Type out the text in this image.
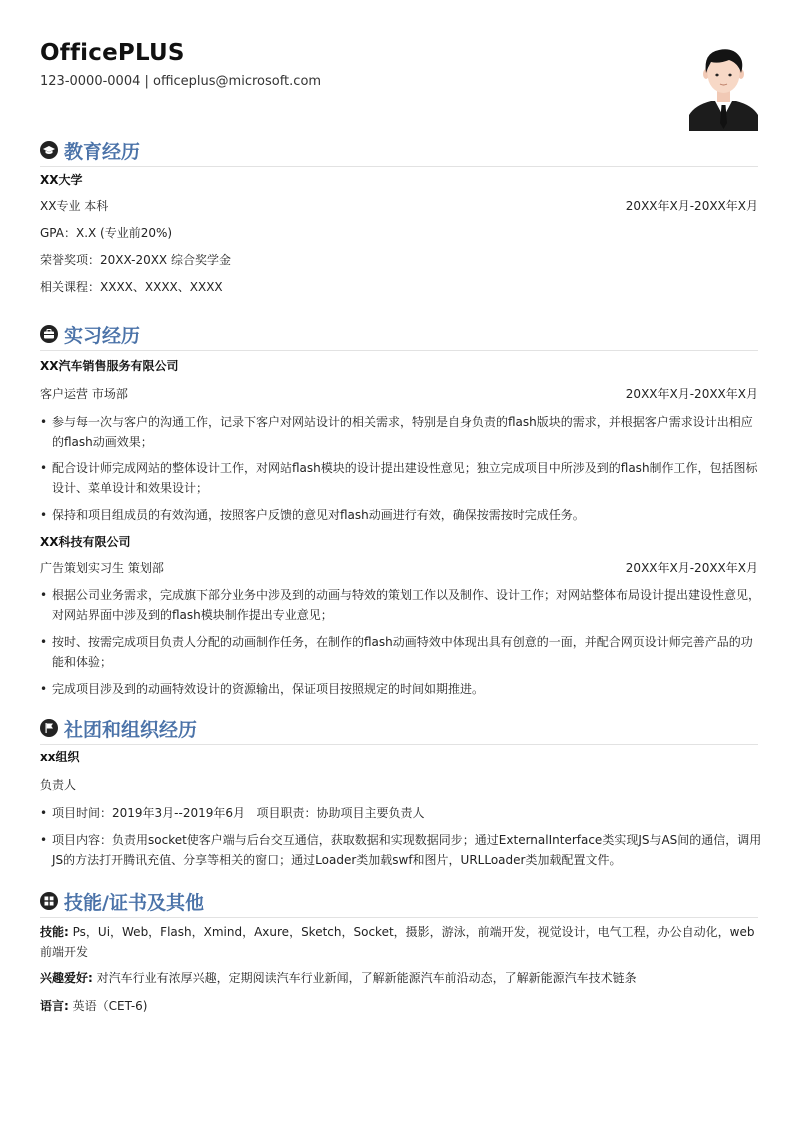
OfficePLUS
123-0000-0004 | officeplus@microsoft.com
教育经历
XX大学
XX专业 本科	20XX年X月-20XX年X月
GPA：X.X (专业前20%)
荣誉奖项：20XX-20XX 综合奖学金
相关课程：XXXX、XXXX、XXXX
实习经历
XX汽车销售服务有限公司
客户运营 市场部	20XX年X月-20XX年X月
• 参与每一次与客户的沟通工作，记录下客户对网站设计的相关需求，特别是自身负责的flash版块的需求，并根据客户需求设计出相应的flash动画效果；
• 配合设计师完成网站的整体设计工作，对网站flash模块的设计提出建设性意见；独立完成项目中所涉及到的flash制作工作，包括图标设计、菜单设计和效果设计；
• 保持和项目组成员的有效沟通，按照客户反馈的意见对flash动画进行有效，确保按需按时完成任务。
XX科技有限公司
广告策划实习生 策划部	20XX年X月-20XX年X月
• 根据公司业务需求，完成旗下部分业务中涉及到的动画与特效的策划工作以及制作、设计工作；对网站整体布局设计提出建设性意见，对网站界面中涉及到的flash模块制作提出专业意见；
• 按时、按需完成项目负责人分配的动画制作任务，在制作的flash动画特效中体现出具有创意的一面，并配合网页设计师完善产品的功能和体验；
• 完成项目涉及到的动画特效设计的资源输出，保证项目按照规定的时间如期推进。
社团和组织经历
xx组织
负责人
• 项目时间：2019年3月--2019年6月   项目职责：协助项目主要负责人
• 项目内容：负责用socket使客户端与后台交互通信，获取数据和实现数据同步；通过ExternalInterface类实现JS与AS间的通信，调用JS的方法打开腾讯充值、分享等相关的窗口；通过Loader类加载swf和图片，URLLoader类加载配置文件。
技能/证书及其他
技能: Ps，Ui，Web，Flash，Xmind，Axure，Sketch，Socket，摄影，游泳，前端开发，视觉设计，电气工程，办公自动化，web前端开发
兴趣爱好: 对汽车行业有浓厚兴趣，定期阅读汽车行业新闻，了解新能源汽车前沿动态，了解新能源汽车技术链条
语言: 英语（CET-6)
